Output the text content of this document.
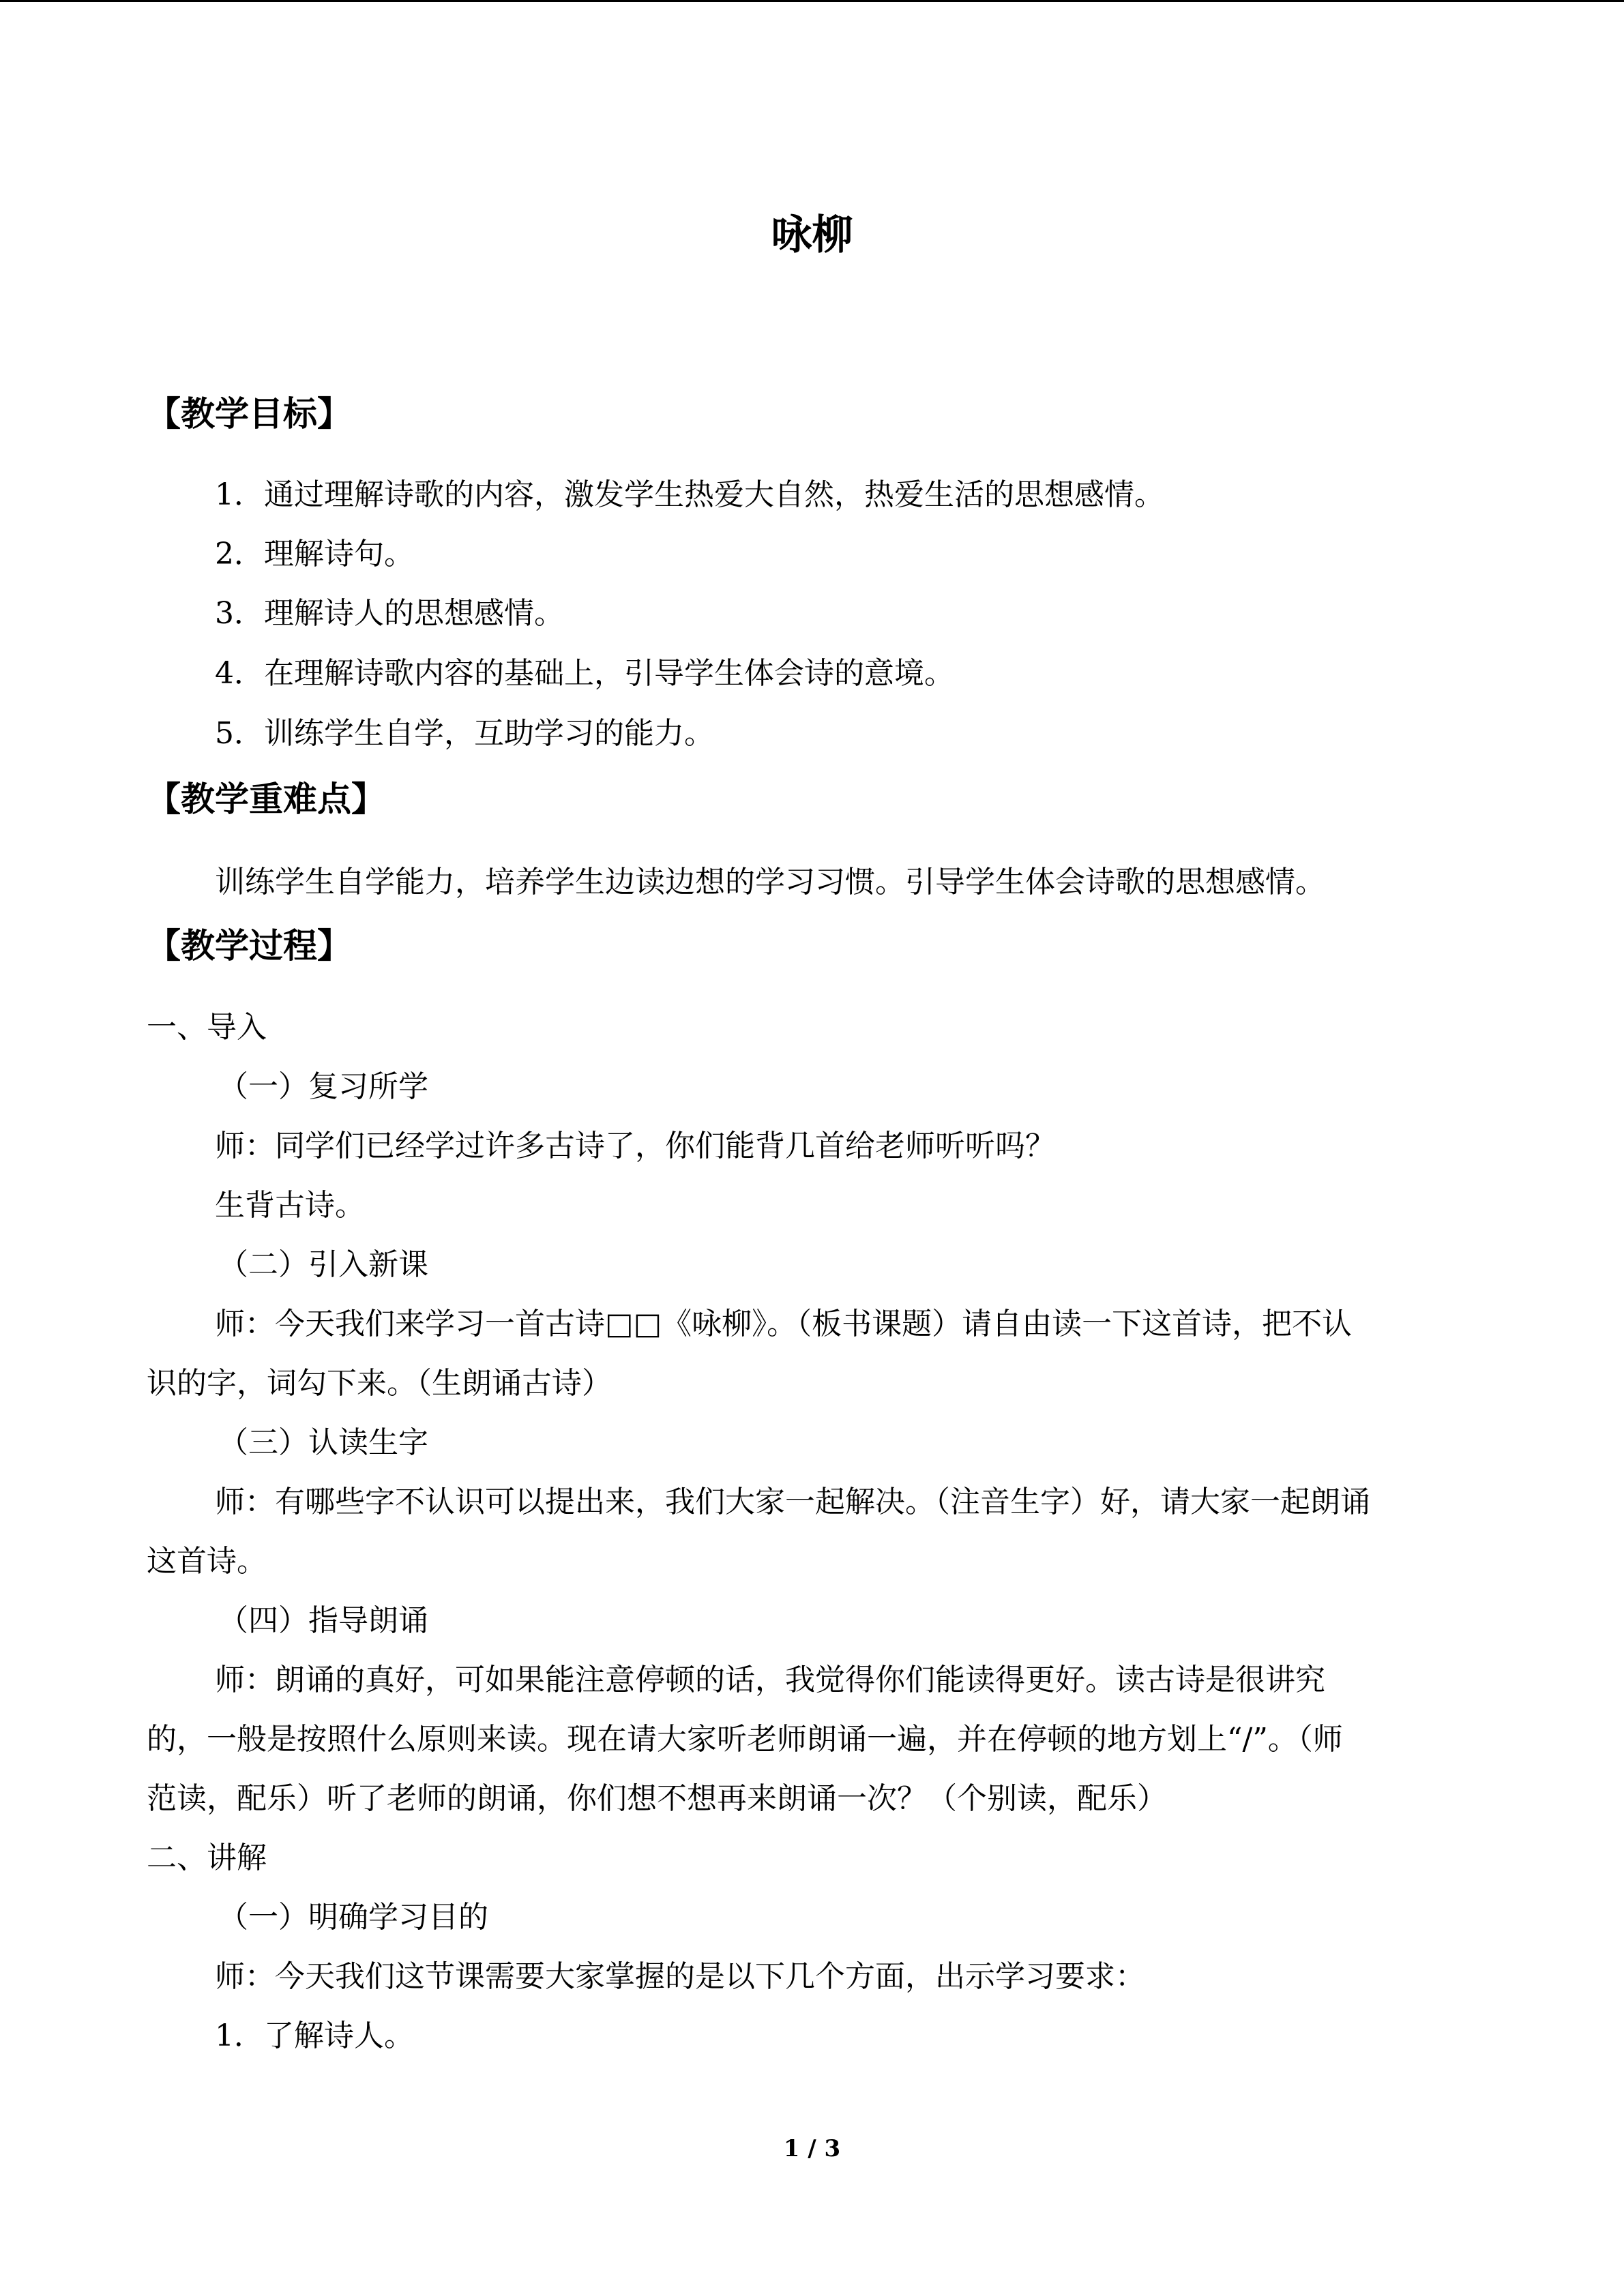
咏柳
【教学目标】
1．通过理解诗歌的内容，激发学生热爱大自然，热爱生活的思想感情。
2．理解诗句。
3．理解诗人的思想感情。
4．在理解诗歌内容的基础上，引导学生体会诗的意境。
5．训练学生自学，互助学习的能力。
【教学重难点】
训练学生自学能力，培养学生边读边想的学习习惯。引导学生体会诗歌的思想感情。
【教学过程】
一、导入
（一）复习所学
师：同学们已经学过许多古诗了，你们能背几首给老师听听吗？
生背古诗。
（二）引入新课
师：今天我们来学习一首古诗□□《咏柳》。（板书课题）请自由读一下这首诗，把不认
识的字，词勾下来。（生朗诵古诗）
（三）认读生字
师：有哪些字不认识可以提出来，我们大家一起解决。（注音生字）好，请大家一起朗诵
这首诗。
（四）指导朗诵
师：朗诵的真好，可如果能注意停顿的话，我觉得你们能读得更好。读古诗是很讲究
的，一般是按照什么原则来读。现在请大家听老师朗诵一遍，并在停顿的地方划上“/”。（师
范读，配乐）听了老师的朗诵，你们想不想再来朗诵一次？（个别读，配乐）
二、讲解
（一）明确学习目的
师：今天我们这节课需要大家掌握的是以下几个方面，出示学习要求：
1．了解诗人。
1 / 3
